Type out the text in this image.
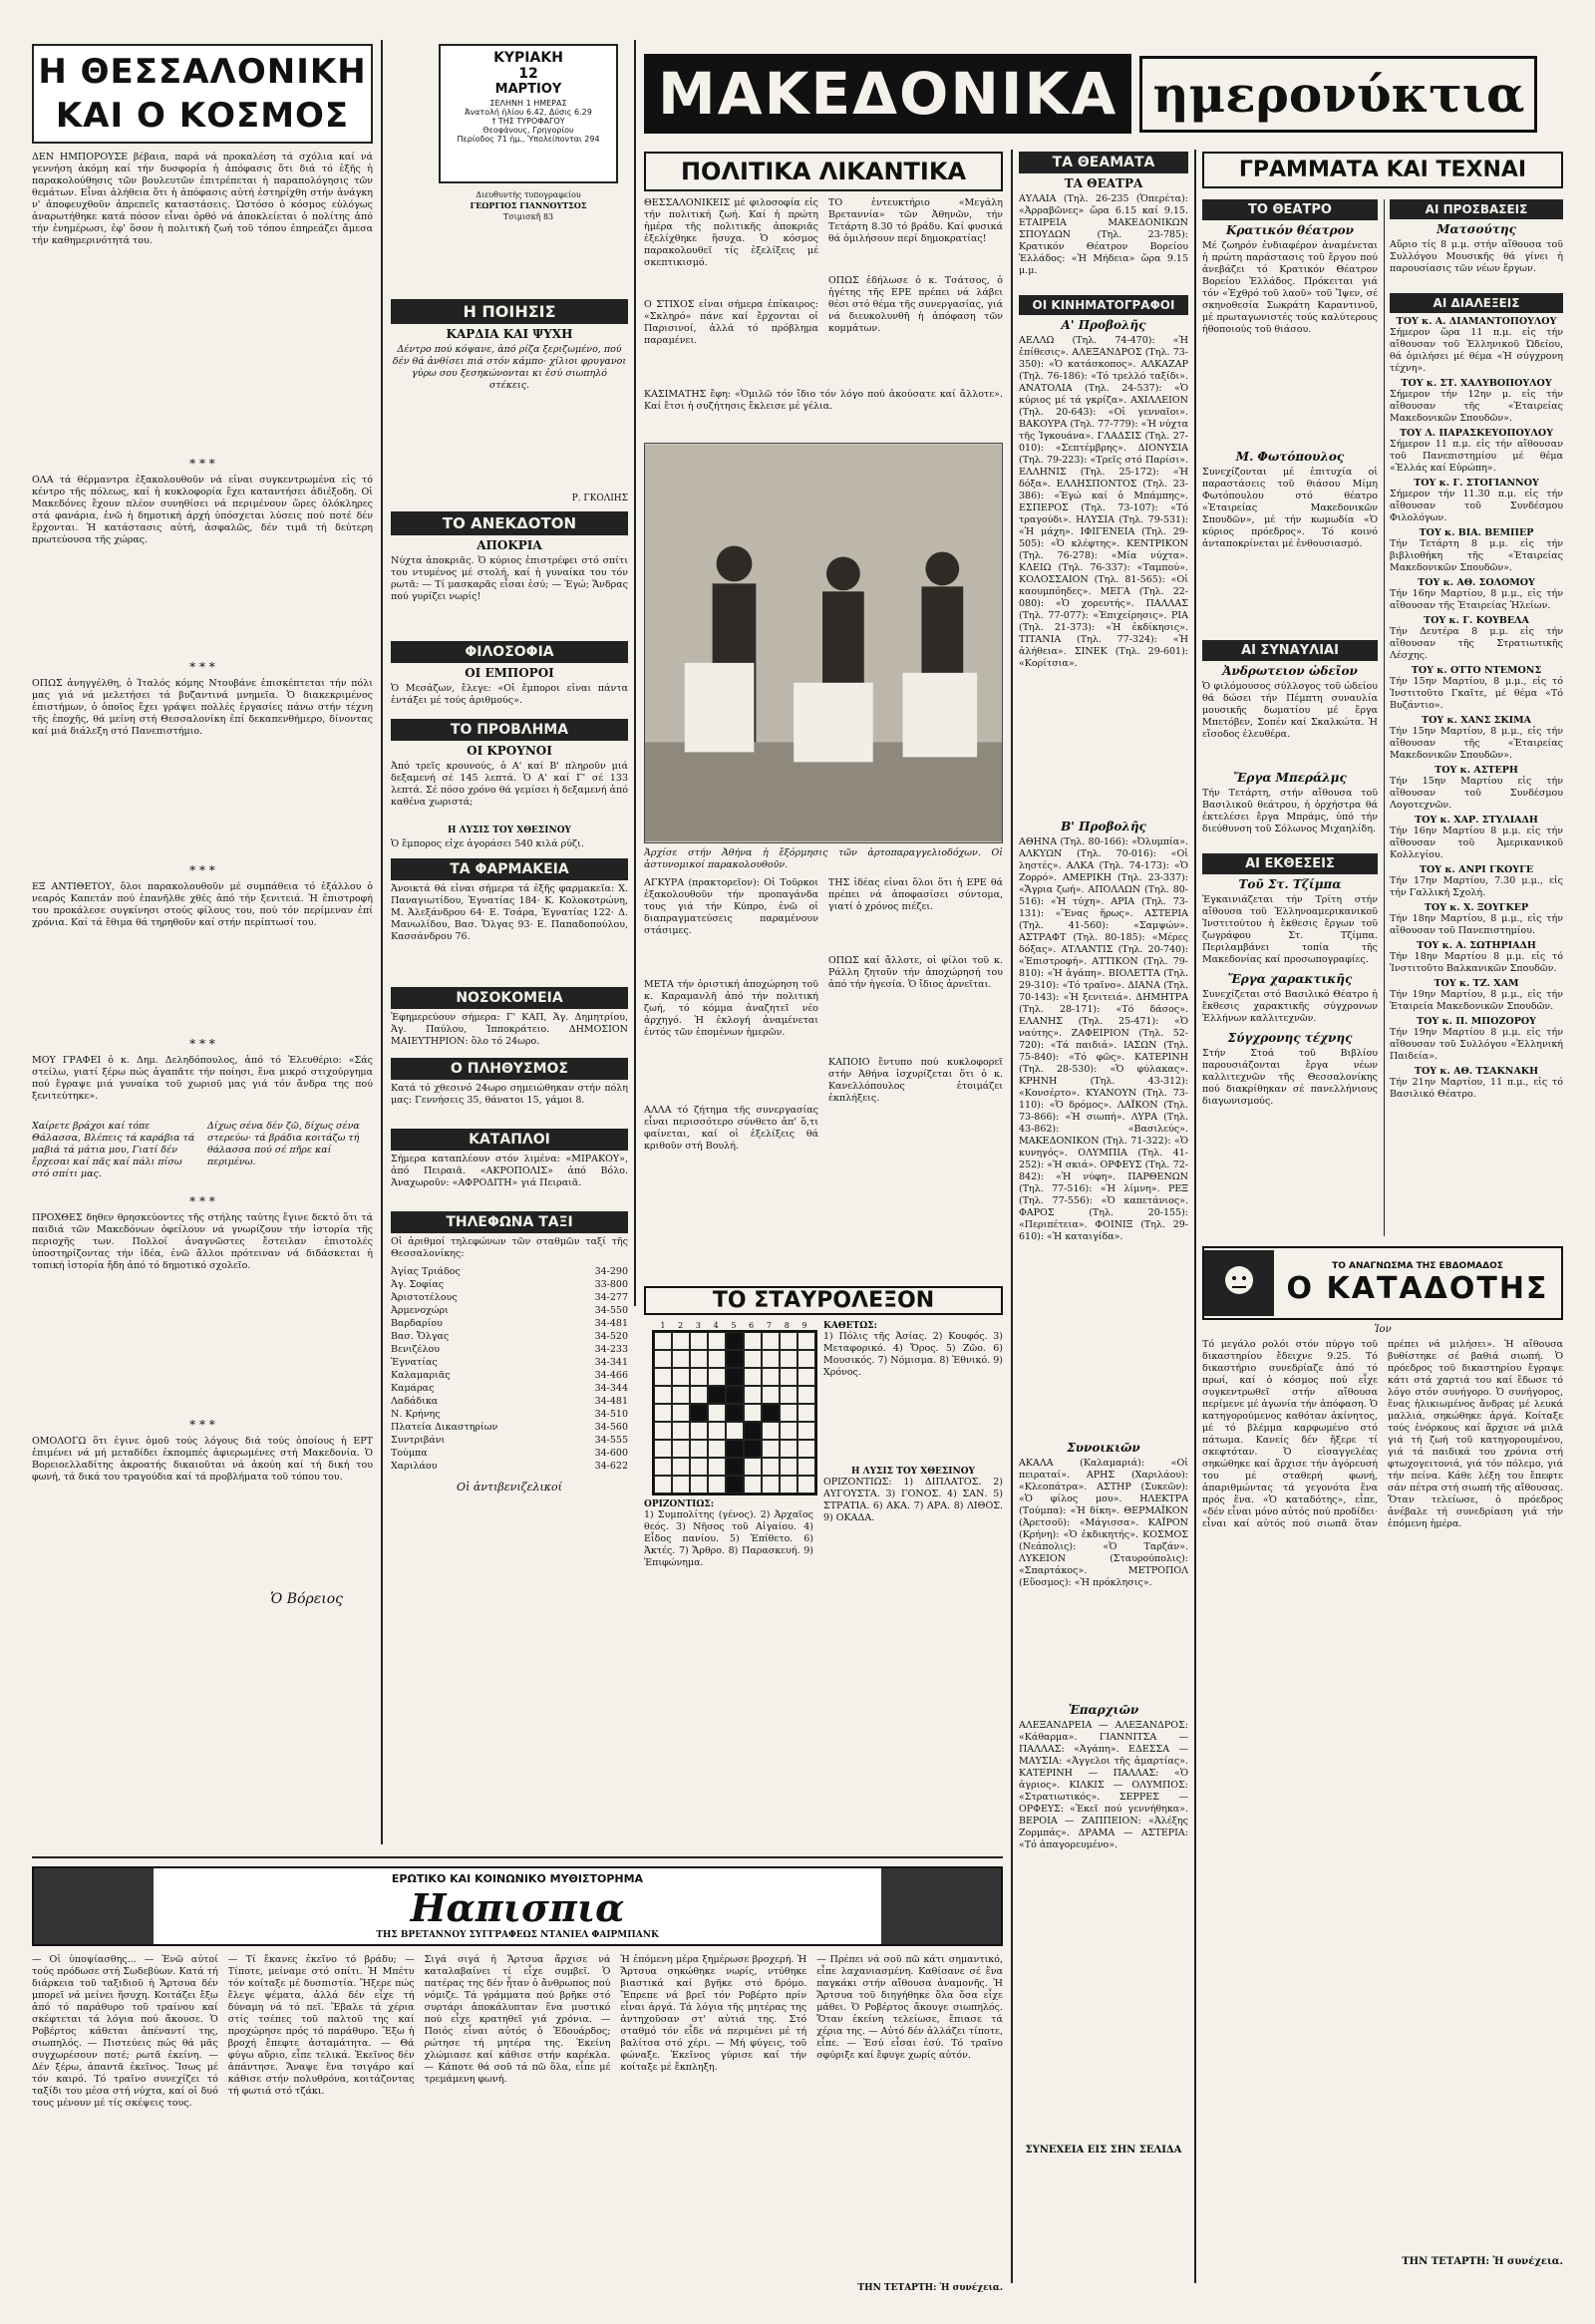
Η ΘΕΣΣΑΛΟΝΙΚΗ
ΚΑΙ Ο ΚΟΣΜΟΣ

ΔΕΝ ΗΜΠΟΡΟΥΣΕ βέβαια, παρά νά προκαλέση τά σχόλια καί νά γεννήση ἀκόμη καί τήν δυσφορία ἡ ἀπόφασις ὅτι διά τό ἑξῆς ἡ παρακολούθησις τῶν βουλευτῶν ἐπιτρέπεται ἡ παραπολόγησις τῶν θεμάτων. Εἶναι ἀλήθεια ὅτι ἡ ἀπόφασις αὐτή ἐστηρίχθη στήν ἀνάγκη ν' ἀποφευχθοῦν ἀπρεπεῖς καταστάσεις. Ὡστόσο ὁ κόσμος εὐλόγως ἀναρωτήθηκε κατά πόσον εἶναι ὀρθό νά ἀποκλείεται ὁ πολίτης ἀπό τήν ἐνημέρωσι, ἐφ' ὅσον ἡ πολιτική ζωή τοῦ τόπου ἐπηρεάζει ἄμεσα τήν καθημερινότητά του.

* * *

ΟΛΑ τά θέρμαντρα ἐξακολουθοῦν νά εἶναι συγκεντρωμένα εἰς τό κέντρο τῆς πόλεως, καί ἡ κυκλοφορία ἔχει καταντήσει ἀδιέξοδη. Οἱ Μακεδόνες ἔχουν πλέον συνηθίσει νά περιμένουν ὥρες ὁλόκληρες στά φανάρια, ἐνῶ ἡ δημοτική ἀρχή ὑπόσχεται λύσεις πού ποτέ δέν ἔρχονται. Ἡ κατάστασις αὐτή, ἀσφαλῶς, δέν τιμᾶ τή δεύτερη πρωτεύουσα τῆς χώρας.

* * *

ΟΠΩΣ ἀνηγγέλθη, ὁ Ἰταλός κόμης Ντουβάνε ἐπισκέπτεται τήν πόλι μας γιά νά μελετήσει τά βυζαντινά μνημεῖα. Ὁ διακεκριμένος ἐπιστήμων, ὁ ὁποῖος ἔχει γράψει πολλές ἐργασίες πάνω στήν τέχνη τῆς ἐποχῆς, θά μείνη στή Θεσσαλονίκη ἐπί δεκαπενθήμερο, δίνοντας καί μιά διάλεξη στό Πανεπιστήμιο.

* * *

ΕΞ ΑΝΤΙΘΕΤΟΥ, ὅλοι παρακολουθοῦν μέ συμπάθεια τό ἐξάλλου ὁ νεαρός Καπετάν πού ἐπανῆλθε χθές ἀπό τήν ξενιτειά. Ἡ ἐπιστροφή του προκάλεσε συγκίνησι στούς φίλους του, πού τόν περίμεναν ἐπί χρόνια. Καί τά ἔθιμα θά τηρηθοῦν καί στήν περίπτωσί του.

* * *

ΜΟΥ ΓΡΑΦΕΙ ὁ κ. Δημ. Δεληδόπουλος, ἀπό τό Ἐλευθέριο: «Σάς στείλω, γιατί ξέρω πώς ἀγαπᾶτε τήν ποίησι, ἕνα μικρό στιχούργημα πού ἔγραψε μιά γυναίκα τοῦ χωριοῦ μας γιά τόν ἄνδρα της πού ξενιτεύτηκε».

Χαίρετε βράχοι καί τόπε Θάλασσα, Βλέπεις τά καράβια τά μαβιά τά μάτια μου, Γιατί δέν ἔρχεσαι καί πᾶς καί πάλι πίσω στό σπίτι μας.
Δίχως σένα δέν ζῶ, δίχως σένα στερεύω· τά βράδια κοιτάζω τή θάλασσα πού σέ πῆρε καί περιμένω.
* * *

ΠΡΟΧΘΕΣ δηθεν θρησκεύοντες τῆς στήλης ταύτης ἔγινε δεκτό ὅτι τά παιδιά τῶν Μακεδόνων ὀφείλουν νά γνωρίζουν τήν ἱστορία τῆς περιοχῆς των. Πολλοί ἀναγνῶστες ἔστειλαν ἐπιστολές ὑποστηρίζοντας τήν ἰδέα, ἐνῶ ἄλλοι πρότειναν νά διδάσκεται ἡ τοπική ἱστορία ἤδη ἀπό τό δημοτικό σχολεῖο.

* * *

ΟΜΟΛΟΓΩ ὅτι ἐγινε ὁμοῦ τούς λόγους διά τούς ὁποίους ἡ ΕΡΤ ἐπιμένει νά μή μεταδίδει ἐκπομπές ἀφιερωμένες στή Μακεδονία. Ὁ Βορειοελλαδίτης ἀκροατής δικαιοῦται νά ἀκούη καί τή δική του φωνή, τά δικά του τραγούδια καί τά προβλήματα τοῦ τόπου του.

Ὁ Βόρειος
ΚΥΡΙΑΚΗ
12
ΜΑΡΤΙΟΥ
ΣΕΛΗΝΗ 1 ΗΜΕΡΑΣ
Ἀνατολή ἡλίου 6.42, Δύσις 6.29
† ΤΗΣ ΤΥΡΟΦΑΓΟΥ
Θεοφάνους, Γρηγορίου
Περίοδος 71 ἡμ., Ὑπολείπονται 294
Διευθυντὴς τυπογραφείου
ΓΕΩΡΓΙΟΣ ΓΙΑΝΝΟΥΤΣΟΣ
Τσιμισκῆ 83
Η ΠΟΙΗΣΙΣ
ΚΑΡΔΙΑ ΚΑΙ ΨΥΧΗ

Δέντρο πού κόψανε, ἀπό ρίζα ξεριζωμένο, πού δέν θά ἀνθίσει πιά στόν κάμπο· χίλιοι φρυγανοι γύρω σου ξεσηκώνονται κι ἐσύ σιωπηλό στέκεις.

Ρ. ΓΚΟΛΙΗΣ
ΤΟ ΑΝΕΚΔΟΤΟΝ
ΑΠΟΚΡΙΑ

Νύχτα ἀποκριᾶς. Ὁ κύριος ἐπιστρέφει στό σπίτι του ντυμένος μέ στολή, καί ἡ γυναίκα του τόν ρωτᾶ: — Τί μασκαρᾶς εἶσαι ἐσύ; — Ἐγώ; Ἄνδρας πού γυρίζει νωρίς!

ΦΙΛΟΣΟΦΙΑ
ΟΙ ΕΜΠΟΡΟΙ

Ὁ Μεσάζων, ἔλεγε: «Οἱ ἔμποροι εἶναι πάντα ἐντάξει μέ τούς ἀριθμούς».

ΤΟ ΠΡΟΒΛΗΜΑ
ΟΙ ΚΡΟΥΝΟΙ

Ἀπό τρεῖς κρουνούς, ὁ Α' καί Β' πληροῦν μιά δεξαμενή σέ 145 λεπτά. Ὁ Α' καί Γ' σέ 133 λεπτά. Σέ πόσο χρόνο θά γεμίσει ἡ δεξαμενή ἀπό καθένα χωριστά;

Η ΛΥΣΙΣ ΤΟΥ ΧΘΕΣΙΝΟΥ

Ὁ ἔμπορος εἶχε ἀγοράσει 540 κιλά ρύζι.

ΤΑ ΦΑΡΜΑΚΕΙΑ

Ἀνοικτά θά εἶναι σήμερα τά ἐξῆς φαρμακεῖα: Χ. Παναγιωτίδου, Ἐγνατίας 184· Κ. Κολοκοτρώνη, Μ. Ἀλεξάνδρου 64· Ε. Τσάρα, Ἐγνατίας 122· Δ. Μανωλίδου, Βασ. Ὄλγας 93· Ε. Παπαδοπούλου, Κασσάνδρου 76.

ΝΟΣΟΚΟΜΕΙΑ

Ἐφημερεύουν σήμερα: Γ' ΚΑΠ, Ἁγ. Δημητρίου, Ἁγ. Παύλου, Ἱπποκράτειο. ΔΗΜΟΣΙΟΝ ΜΑΙΕΥΤΗΡΙΟΝ: ὅλο τό 24ωρο.

Ο ΠΛΗΘΥΣΜΟΣ

Κατά τό χθεσινό 24ωρο σημειώθηκαν στήν πόλη μας: Γεννήσεις 35, θάνατοι 15, γάμοι 8.

ΚΑΤΑΠΛΟΙ

Σήμερα καταπλέουν στόν λιμένα: «ΜΙΡΑΚΟΥ», ἀπό Πειραιᾶ. «ΑΚΡΟΠΟΛΙΣ» ἀπό Βόλο. Ἀναχωροῦν: «ΑΦΡΟΔΙΤΗ» γιά Πειραιᾶ.

ΤΗΛΕΦΩΝΑ ΤΑΞΙ

Οἱ ἀριθμοί τηλεφώνων τῶν σταθμῶν ταξί τῆς Θεσσαλονίκης:

Ἀγίας Τριάδος	34-290
Ἀγ. Σοφίας	33-800
Ἀριστοτέλους	34-277
Ἀρμενοχώρι	34-550
Βαρδαρίου	34-481
Βασ. Ὄλγας	34-520
Βενιζέλου	34-233
Ἐγνατίας	34-341
Καλαμαριᾶς	34-466
Καμάρας	34-344
Λαδάδικα	34-481
Ν. Κρήνης	34-510
Πλατεία Δικαστηρίων	34-560
Συντριβάνι	34-555
Τούμπα	34-600
Χαριλάου	34-622
Οἱ ἀντιβενιζελικοί
ΜΑΚΕΔΟΝΙΚΑ ημερονύκτια
ΠΟΛΙΤΙΚΑ ΛΙΚΑΝΤΙΚΑ

ΘΕΣΣΑΛΟΝΙΚΕΙΣ μέ φιλοσοφία εἰς τήν πολιτική ζωή. Καί ἡ πρώτη ἡμέρα τῆς πολιτικῆς ἀποκριᾶς ἐξελίχθηκε ἥσυχα. Ὁ κόσμος παρακολουθεῖ τίς ἐξελίξεις μέ σκεπτικισμό.

Ο ΣΤΙΧΟΣ εἶναι σήμερα ἐπίκαιρος: «Σκληρό» πάνε καί ἔρχονται οἱ Παρισινοί, ἀλλά τό πρόβλημα παραμένει.

ΤΟ ἐντευκτήριο «Μεγάλη Βρεταννία» τῶν Ἀθηνῶν, τήν Τετάρτη 8.30 τό βράδυ. Καί φυσικά θά ὁμιλήσουν περί δημοκρατίας!

ΟΠΩΣ ἐδήλωσε ὁ κ. Τσάτσος, ὁ ἡγέτης τῆς ΕΡΕ πρέπει νά λάβει θέσι στό θέμα τῆς συνεργασίας, γιά νά διευκολυνθῆ ἡ ἀπόφαση τῶν κομμάτων.

ΚΑΣΙΜΑΤΗΣ ἔφη: «Ὁμιλῶ τόν ἴδιο τόν λόγο πού ἀκούσατε καί ἄλλοτε». Καί ἔτσι ἡ συζήτησις ἔκλεισε μέ γέλια.

Ἀρχίσε στήν Ἀθήνα ἡ ἔξόρμησις τῶν ἀρτοπαραγγελιοδόχων. Οἱ ἀστυνομικοί παρακολουθοῦν.

ΑΓΚΥΡΑ (πρακτορεῖον): Οἱ Τοῦρκοι ἐξακολουθοῦν τήν προπαγάνδα τους γιά τήν Κύπρο, ἐνῶ οἱ διαπραγματεύσεις παραμένουν στάσιμες.

ΜΕΤΑ τήν ὁριστική ἀποχώρηση τοῦ κ. Καραμανλῆ ἀπό τήν πολιτική ζωή, τό κόμμα ἀναζητεῖ νέο ἀρχηγό. Ἡ ἐκλογή ἀναμένεται ἐντός τῶν ἑπομένων ἡμερῶν.

ΑΛΛΑ τό ζήτημα τῆς συνεργασίας εἶναι περισσότερο σύνθετο ἀπ' ὅ,τι φαίνεται, καί οἱ ἐξελίξεις θά κριθοῦν στή Βουλή.

ΤΗΣ ἰδέας εἶναι ὅλοι ὅτι ἡ ΕΡΕ θά πρέπει νά ἀποφασίσει σύντομα, γιατί ὁ χρόνος πιέζει.

ΟΠΩΣ καί ἄλλοτε, οἱ φίλοι τοῦ κ. Ράλλη ζητοῦν τήν ἀποχώρησή του ἀπό τήν ἡγεσία. Ὁ ἴδιος ἀρνεῖται.

ΚΑΠΟΙΟ ἔντυπο πού κυκλοφορεῖ στήν Ἀθήνα ἰσχυρίζεται ὅτι ὁ κ. Κανελλόπουλος ἑτοιμάζει ἐκπλήξεις.

ΤΟ ΣΤΑΥΡΟΛΕΞΟΝ
1 2 3 4 5 6 7 8 9
ΟΡΙΖΟΝΤΙΩΣ:

1) Συμπολίτης (γένος). 2) Ἀρχαῖος θεός. 3) Νῆσος τοῦ Αἰγαίου. 4) Εἶδος πανίου. 5) Ἐπίθετο. 6) Ἀκτές. 7) Ἄρθρο. 8) Παρασκευή. 9) Ἐπιφώνημα.

ΚΑΘΕΤΩΣ:

1) Πόλις τῆς Ἀσίας. 2) Κουφός. 3) Μεταφορικό. 4) Ὄρος. 5) Ζῶο. 6) Μουσικός. 7) Νόμισμα. 8) Ἐθνικό. 9) Χρόνος.

Η ΛΥΣΙΣ ΤΟΥ ΧΘΕΣΙΝΟΥ

ΟΡΙΖΟΝΤΙΩΣ: 1) ΔΙΠΛΑΤΟΣ. 2) ΑΥΓΟΥΣΤΑ. 3) ΓΟΝΟΣ. 4) ΣΑΝ. 5) ΣΤΡΑΤΙΑ. 6) ΑΚΑ. 7) ΑΡΑ. 8) ΛΙΘΟΣ. 9) ΟΚΑΔΑ.

ΤΑ ΘΕΑΜΑΤΑ
ΤΑ ΘΕΑΤΡΑ

ΑΥΛΑΙΑ (Τηλ. 26-235 (Ὁπερέτα): «Ἀρραβῶνες» ὥρα 6.15 καί 9.15. ΕΤΑΙΡΕΙΑ ΜΑΚΕΔΟΝΙΚΩΝ ΣΠΟΥΔΩΝ (Τηλ. 23-785): Κρατικόν Θέατρον Βορείου Ἑλλάδος: «Ἡ Μήδεια» ὥρα 9.15 μ.μ.

ΟΙ ΚΙΝΗΜΑΤΟΓΡΑΦΟΙ
Α' Προβολῆς

ΑΕΛΛΩ (Τηλ. 74-470): «Ἡ ἐπίθεσις». ΑΛΕΞΑΝΔΡΟΣ (Τηλ. 73-350): «Ὁ κατάσκοπος». ΑΛΚΑΖΑΡ (Τηλ. 76-186): «Τό τρελλό ταξίδι». ΑΝΑΤΟΛΙΑ (Τηλ. 24-537): «Ὁ κύριος μέ τά γκρίζα». ΑΧΙΛΛΕΙΟΝ (Τηλ. 20-643): «Οἱ γενναῖοι». ΒΑΚΟΥΡΑ (Τηλ. 77-779): «Ἡ νύχτα τῆς Ἰγκουάνα». ΓΛΑΔΣΙΣ (Τηλ. 27-010): «Σεπτέμβρης». ΔΙΟΝΥΣΙΑ (Τηλ. 79-223): «Τρεῖς στό Παρίσι». ΕΛΛΗΝΙΣ (Τηλ. 25-172): «Ἡ δόξα». ΕΛΛΗΣΠΟΝΤΟΣ (Τηλ. 23-386): «Ἐγώ καί ὁ Μπάμπης». ΕΣΠΕΡΟΣ (Τηλ. 73-107): «Τό τραγούδι». ΗΛΥΣΙΑ (Τηλ. 79-531): «Ἡ μάχη». ΙΦΙΓΕΝΕΙΑ (Τηλ. 29-505): «Ὁ κλέφτης». ΚΕΝΤΡΙΚΟΝ (Τηλ. 76-278): «Μία νύχτα». ΚΛΕΙΩ (Τηλ. 76-337): «Ταμπού». ΚΟΛΟΣΣΑΙΟΝ (Τηλ. 81-565): «Οἱ καουμπόηδες». ΜΕΓΑ (Τηλ. 22-080): «Ὁ χορευτής». ΠΑΛΛΑΣ (Τηλ. 77-077): «Ἐπιχείρησις». ΡΙΑ (Τηλ. 21-373): «Ἡ ἐκδίκησις». ΤΙΤΑΝΙΑ (Τηλ. 77-324): «Ἡ ἀλήθεια». ΣΙΝΕΚ (Τηλ. 29-601): «Κορίτσια».

Β' Προβολῆς

ΑΘΗΝΑ (Τηλ. 80-166): «Ὀλυμπία». ΑΛΚΥΩΝ (Τηλ. 70-016): «Οἱ ληστές». ΑΛΚΑ (Τηλ. 74-173): «Ὁ Ζορρό». ΑΜΕΡΙΚΗ (Τηλ. 23-337): «Ἄγρια ζωή». ΑΠΟΛΛΩΝ (Τηλ. 80-516): «Ἡ τύχη». ΑΡΙΑ (Τηλ. 73-131): «Ἕνας ἥρως». ΑΣΤΕΡΙΑ (Τηλ. 41-560): «Σαμψών». ΑΣΤΡΑΦΤ (Τηλ. 80-185): «Μέρες δόξας». ΑΤΛΑΝΤΙΣ (Τηλ. 20-740): «Ἐπιστροφή». ΑΤΤΙΚΟΝ (Τηλ. 79-810): «Ἡ ἀγάπη». ΒΙΟΛΕΤΤΑ (Τηλ. 29-310): «Τό τραῖνο». ΔΙΑΝΑ (Τηλ. 70-143): «Ἡ ξενιτειά». ΔΗΜΗΤΡΑ (Τηλ. 28-171): «Τό δάσος». ΕΛΑΝΗΣ (Τηλ. 25-471): «Ὁ ναύτης». ΖΑΦΕΙΡΙΟΝ (Τηλ. 52-720): «Τά παιδιά». ΙΑΣΩΝ (Τηλ. 75-840): «Τό φῶς». ΚΑΤΕΡΙΝΗ (Τηλ. 28-530): «Ὁ φύλακας». ΚΡΗΝΗ (Τηλ. 43-312): «Κονσέρτο». ΚΥΑΝΟΥΝ (Τηλ. 73-110): «Ὁ δρόμος». ΛΑΪΚΟΝ (Τηλ. 73-866): «Ἡ σιωπή». ΛΥΡΑ (Τηλ. 43-862): «Βασιλεύς». ΜΑΚΕΔΟΝΙΚΟΝ (Τηλ. 71-322): «Ὁ κυνηγός». ΟΛΥΜΠΙΑ (Τηλ. 41-252): «Ἡ σκιά». ΟΡΦΕΥΣ (Τηλ. 72-842): «Ἡ νύφη». ΠΑΡΘΕΝΩΝ (Τηλ. 77-516): «Ἡ λίμνη». ΡΕΞ (Τηλ. 77-556): «Ὁ καπετάνιος». ΦΑΡΟΣ (Τηλ. 20-155): «Περιπέτεια». ΦΟΙΝΙΞ (Τηλ. 29-610): «Ἡ καταιγίδα».

Συνοικιῶν

ΑΚΑΛΑ (Καλαμαριά): «Οἱ πειραταί». ΑΡΗΣ (Χαριλάου): «Κλεοπάτρα». ΑΣΤΗΡ (Συκεῶν): «Ὁ φίλος μου». ΗΛΕΚΤΡΑ (Τούμπα): «Ἡ δίκη». ΘΕΡΜΑΪΚΟΝ (Ἀρετσοῦ): «Μάγισσα». ΚΑΪΡΟΝ (Κρήνη): «Ὁ ἐκδικητής». ΚΟΣΜΟΣ (Νεάπολις): «Ὁ Ταρζάν». ΛΥΚΕΙΟΝ (Σταυρούπολις): «Σπαρτάκος». ΜΕΤΡΟΠΟΛ (Εὔοσμος): «Ἡ πρόκλησις».

Ἐπαρχιῶν

ΑΛΕΞΑΝΔΡΕΙΑ — ΑΛΕΞΑΝΔΡΟΣ: «Κάθαρμα». ΓΙΑΝΝΙΤΣΑ — ΠΑΛΛΑΣ: «Ἀγάπη». ΕΔΕΣΣΑ — ΜΑΥΣΙΑ: «Ἀγγελοι τῆς ἁμαρτίας». ΚΑΤΕΡΙΝΗ — ΠΑΛΛΑΣ: «Ὁ ἀγριος». ΚΙΛΚΙΣ — ΟΛΥΜΠΟΣ: «Στρατιωτικός». ΣΕΡΡΕΣ — ΟΡΦΕΥΣ: «Ἐκεῖ πού γεννήθηκα». ΒΕΡΟΙΑ — ΖΑΠΠΕΙΟΝ: «Ἀλέξης Ζορμπάς». ΔΡΑΜΑ — ΑΣΤΕΡΙΑ: «Τό ἀπαγορευμένο».

ΣΥΝΕΧΕΙΑ ΕΙΣ ΣΗΝ ΣΕΛΙΔΑ
ΓΡΑΜΜΑΤΑ ΚΑΙ ΤΕΧΝΑΙ
ΤΟ ΘΕΑΤΡΟ
Κρατικόν θέατρον

Μέ ζωηρόν ἐνδιαφέρον ἀναμένεται ἡ πρώτη παράστασις τοῦ ἔργου πού ἀνεβάζει τό Κρατικόν Θέατρον Βορείου Ἑλλάδος. Πρόκειται γιά τόν «Ἐχθρό τοῦ λαοῦ» τοῦ Ἴψεν, σέ σκηνοθεσία Σωκράτη Καραντινοῦ, μέ πρωταγωνιστές τούς καλύτερους ἠθοποιούς τοῦ θιάσου.

Μ. Φωτόπουλος

Συνεχίζονται μέ ἐπιτυχία οἱ παραστάσεις τοῦ θιάσου Μίμη Φωτόπουλου στό θέατρο «Ἑταιρείας Μακεδονικῶν Σπουδῶν», μέ τήν κωμωδία «Ὁ κύριος πρόεδρος». Τό κοινό ἀνταποκρίνεται μέ ἐνθουσιασμό.

ΑΙ ΣΥΝΑΥΛΙΑΙ
Ἀνδρωτειον ὠδεῖον

Ὁ φιλόμουσος σύλλογος τοῦ ὠδείου θά δώσει τήν Πέμπτη συναυλία μουσικῆς δωματίου μέ ἔργα Μπετόβεν, Σοπέν καί Σκαλκώτα. Ἡ εἴσοδος ἐλευθέρα.

Ἔργα Μπεράλμς

Τήν Τετάρτη, στήν αἴθουσα τοῦ Βασιλικοῦ θεάτρου, ἡ ὀρχήστρα θά ἐκτελέσει ἔργα Μπράμς, ὑπό τήν διεύθυνση τοῦ Σόλωνος Μιχαηλίδη.

ΑΙ ΕΚΘΕΣΕΙΣ
Τοῦ Στ. Τζίμπα

Ἐγκαινιάζεται τήν Τρίτη στήν αἴθουσα τοῦ Ἑλληνοαμερικανικοῦ Ἰνστιτούτου ἡ ἔκθεσις ἔργων τοῦ ζωγράφου Στ. Τζίμπα. Περιλαμβάνει τοπία τῆς Μακεδονίας καί προσωπογραφίες.

Ἔργα χαρακτικῆς

Συνεχίζεται στό Βασιλικό Θέατρο ἡ ἔκθεσις χαρακτικῆς σύγχρονων Ἑλλήνων καλλιτεχνῶν.

Σύγχρονης τέχνης

Στήν Στοά τοῦ Βιβλίου παρουσιάζονται ἔργα νέων καλλιτεχνῶν τῆς Θεσσαλονίκης πού διακρίθηκαν σέ πανελλήνιους διαγωνισμούς.

ΑΙ ΠΡΟΣΒΑΣΕΙΣ
Ματσούτης

Αὔριο τίς 8 μ.μ. στήν αἴθουσα τοῦ Συλλόγου Μουσικῆς θά γίνει ἡ παρουσίασις τῶν νέων ἔργων.

ΑΙ ΔΙΑΛΕΞΕΙΣ
ΤΟΥ κ. Α. ΔΙΑΜΑΝΤΟΠΟΥΛΟΥ
Σήμερον ὥρα 11 π.μ. εἰς τήν αἴθουσαν τοῦ Ἑλληνικοῦ Ὠδείου, θά ὁμιλήσει μέ θέμα «Ἡ σύγχρονη τέχνη».
ΤΟΥ κ. ΣΤ. ΧΑΛΥΒΟΠΟΥΛΟΥ
Σήμερον τήν 12ην μ. εἰς τήν αἴθουσαν τῆς «Ἐταιρείας Μακεδονικῶν Σπουδῶν».
ΤΟΥ Λ. ΠΑΡΑΣΚΕΥΟΠΟΥΛΟΥ
Σήμερον 11 π.μ. εἰς τήν αἴθουσαν τοῦ Πανεπιστημίου μέ θέμα «Ἐλλάς καί Εὐρώπη».
ΤΟΥ κ. Γ. ΣΤΟΓΙΑΝΝΟΥ
Σήμερον τήν 11.30 π.μ. εἰς τήν αἴθουσαν τοῦ Συνδέσμου Φιλολόγων.
ΤΟΥ κ. ΒΙΑ. ΒΕΜΠΕΡ
Τήν Τετάρτη 8 μ.μ. εἰς τήν βιβλιοθήκη τῆς «Ἐταιρείας Μακεδονικῶν Σπουδῶν».
ΤΟΥ κ. ΑΘ. ΣΟΛΟΜΟΥ
Τήν 16ην Μαρτίου, 8 μ.μ., εἰς τήν αἴθουσαν τῆς Ἑταιρείας Ἠλείων.
ΤΟΥ κ. Γ. ΚΟΥΒΕΛΑ
Τήν Δευτέρα 8 μ.μ. εἰς τήν αἴθουσαν τῆς Στρατιωτικῆς Λέσχης.
ΤΟΥ κ. ΟΤΤΟ ΝΤΕΜΟΝΣ
Τήν 15ην Μαρτίου, 8 μ.μ., εἰς τό Ἰνστιτοῦτο Γκαῖτε, μέ θέμα «Τό Βυζάντιο».
ΤΟΥ κ. ΧΑΝΣ ΣΚΙΜΑ
Τήν 15ην Μαρτίου, 8 μ.μ., εἰς τήν αἴθουσαν τῆς «Ἐταιρείας Μακεδονικῶν Σπουδῶν».
ΤΟΥ κ. ΑΣΤΕΡΗ
Τήν 15ην Μαρτίου εἰς τήν αἴθουσαν τοῦ Συνδέσμου Λογοτεχνῶν.
ΤΟΥ κ. ΧΑΡ. ΣΤΥΛΙΑΔΗ
Τήν 16ην Μαρτίου 8 μ.μ. εἰς τήν αἴθουσαν τοῦ Ἀμερικανικοῦ Κολλεγίου.
ΤΟΥ κ. ΑΝΡΙ ΓΚΟΥΓΕ
Τήν 17ην Μαρτίου, 7.30 μ.μ., εἰς τήν Γαλλική Σχολή.
ΤΟΥ κ. Χ. ΞΟΥΓΚΕΡ
Τήν 18ην Μαρτίου, 8 μ.μ., εἰς τήν αἴθουσαν τοῦ Πανεπιστημίου.
ΤΟΥ κ. Α. ΣΩΤΗΡΙΑΔΗ
Τήν 18ην Μαρτίου 8 μ.μ. εἰς τό Ἰνστιτοῦτο Βαλκανικῶν Σπουδῶν.
ΤΟΥ κ. ΤΖ. ΧΑΜ
Τήν 19ην Μαρτίου, 8 μ.μ., εἰς τήν Ἑταιρεία Μακεδονικῶν Σπουδῶν.
ΤΟΥ κ. Π. ΜΠΟΖΟΡΟΥ
Τήν 19ην Μαρτίου 8 μ.μ. εἰς τήν αἴθουσαν τοῦ Συλλόγου «Ἑλληνική Παιδεία».
ΤΟΥ κ. ΑΘ. ΤΣΑΚΝΑΚΗ
Τήν 21ην Μαρτίου, 11 π.μ., εἰς τό Βασιλικό Θέατρο.
ΤΟ ΑΝΑΓΝΩΣΜΑ ΤΗΣ ΕΒΔΟΜΑΔΟΣ
Ο ΚΑΤΑΔΟΤΗΣ
Ἰον

Τό μεγάλο ρολόι στόν πύργο τοῦ δικαστηρίου ἔδειχνε 9.25. Τό δικαστήριο συνεδρίαζε ἀπό τό πρωί, καί ὁ κόσμος πού εἶχε συγκεντρωθεῖ στήν αἴθουσα περίμενε μέ ἀγωνία τήν ἀπόφαση. Ὁ κατηγορούμενος καθόταν ἀκίνητος, μέ τό βλέμμα καρφωμένο στό πάτωμα. Κανείς δέν ἤξερε τί σκεφτόταν. Ὁ εἰσαγγελέας σηκώθηκε καί ἄρχισε τήν ἀγόρευσή του μέ σταθερή φωνή, ἀπαριθμώντας τά γεγονότα ἕνα πρός ἕνα. «Ὁ καταδότης», εἶπε, «δέν εἶναι μόνο αὐτός πού προδίδει· εἶναι καί αὐτός πού σιωπᾶ ὅταν πρέπει νά μιλήσει». Ἡ αἴθουσα βυθίστηκε σέ βαθιά σιωπή. Ὁ πρόεδρος τοῦ δικαστηρίου ἔγραψε κάτι στά χαρτιά του καί ἔδωσε τό λόγο στόν συνήγορο. Ὁ συνήγορος, ἕνας ἡλικιωμένος ἄνδρας μέ λευκά μαλλιά, σηκώθηκε ἀργά. Κοίταξε τούς ἐνόρκους καί ἄρχισε νά μιλᾶ γιά τή ζωή τοῦ κατηγορουμένου, γιά τά παιδικά του χρόνια στή φτωχογειτονιά, γιά τόν πόλεμο, γιά τήν πείνα. Κάθε λέξη του ἔπεφτε σάν πέτρα στή σιωπή τῆς αἴθουσας. Ὅταν τελείωσε, ὁ πρόεδρος ἀνέβαλε τή συνεδρίαση γιά τήν ἑπόμενη ἡμέρα.

ΤΗΝ ΤΕΤΑΡΤΗ: Ἡ συνέχεια.
ΕΡΩΤΙΚΟ ΚΑΙ ΚΟΙΝΩΝΙΚΟ ΜΥΘΙΣΤΟΡΗΜΑ
Ηαπισπια
ΤΗΣ ΒΡΕΤΑΝΝΟΥ ΣΥΓΓΡΑΦΕΩΣ ΝΤΑΝΙΕΛ ΦΑΙΡΜΠΑΝΚ

— Οἱ ὑποψίασθης... — Ἐνῶ αὐτοί τούς πρόδωσε στή Σωδεβύων. Κατά τή διάρκεια τοῦ ταξιδιοῦ ἡ Ἄρτσυα δέν μπορεῖ νά μείνει ἥσυχη. Κοιτάζει ἔξω ἀπό τό παράθυρο τοῦ τραίνου καί σκέφτεται τά λόγια πού ἄκουσε. Ὁ Ροβέρτος κάθεται ἀπέναντί της, σιωπηλός. — Πιστεύεις πώς θά μᾶς συγχωρέσουν ποτέ; ρωτᾶ ἐκείνη. — Δέν ξέρω, ἀπαντᾶ ἐκεῖνος. Ἴσως μέ τόν καιρό. Τό τραῖνο συνεχίζει τό ταξίδι του μέσα στή νύχτα, καί οἱ δυό τους μένουν μέ τίς σκέψεις τους.

— Τί ἔκανες ἐκεῖνο τό βράδυ; — Τίποτε, μείναμε στό σπίτι. Ἡ Μπέτυ τόν κοίταξε μέ δυσπιστία. Ἤξερε πώς ἔλεγε ψέματα, ἀλλά δέν εἶχε τή δύναμη νά τό πεῖ. Ἔβαλε τά χέρια στίς τσέπες τοῦ παλτοῦ της καί προχώρησε πρός τό παράθυρο. Ἔξω ἡ βροχή ἔπεφτε ἀσταμάτητα. — Θά φύγω αὔριο, εἶπε τελικά. Ἐκεῖνος δέν ἀπάντησε. Ἄναψε ἕνα τσιγάρο καί κάθισε στήν πολυθρόνα, κοιτάζοντας τή φωτιά στό τζάκι.

Σιγά σιγά ἡ Ἄρτσυα ἄρχισε νά καταλαβαίνει τί εἶχε συμβεῖ. Ὁ πατέρας της δέν ἦταν ὁ ἄνθρωπος πού νόμιζε. Τά γράμματα πού βρῆκε στό συρτάρι ἀποκάλυπταν ἕνα μυστικό πού εἶχε κρατηθεῖ γιά χρόνια. — Ποιός εἶναι αὐτός ὁ Ἐδουάρδος; ρώτησε τή μητέρα της. Ἐκείνη χλώμιασε καί κάθισε στήν καρέκλα. — Κάποτε θά σοῦ τά πῶ ὅλα, εἶπε μέ τρεμάμενη φωνή.

Ἡ ἐπόμενη μέρα ξημέρωσε βροχερή. Ἡ Ἄρτσυα σηκώθηκε νωρίς, ντύθηκε βιαστικά καί βγῆκε στό δρόμο. Ἔπρεπε νά βρεῖ τόν Ροβέρτο πρίν εἶναι ἀργά. Τά λόγια τῆς μητέρας της ἀντηχοῦσαν στ' αὐτιά της. Στό σταθμό τόν εἶδε νά περιμένει μέ τή βαλίτσα στό χέρι. — Μή φύγεις, τοῦ φώναξε. Ἐκεῖνος γύρισε καί τήν κοίταξε μέ ἔκπληξη.

— Πρέπει νά σοῦ πῶ κάτι σημαντικό, εἶπε λαχανιασμένη. Καθίσανε σέ ἕνα παγκάκι στήν αἴθουσα ἀναμονῆς. Ἡ Ἄρτσυα τοῦ διηγήθηκε ὅλα ὅσα εἶχε μάθει. Ὁ Ροβέρτος ἄκουγε σιωπηλός. Ὅταν ἐκείνη τελείωσε, ἔπιασε τά χέρια της. — Αὐτό δέν ἀλλάζει τίποτε, εἶπε. — Ἐσύ εἶσαι ἐσύ. Τό τραῖνο σφύριξε καί ἔφυγε χωρίς αὐτόν.

ΤΗΝ ΤΕΤΑΡΤΗ: Ἡ συνέχεια.
